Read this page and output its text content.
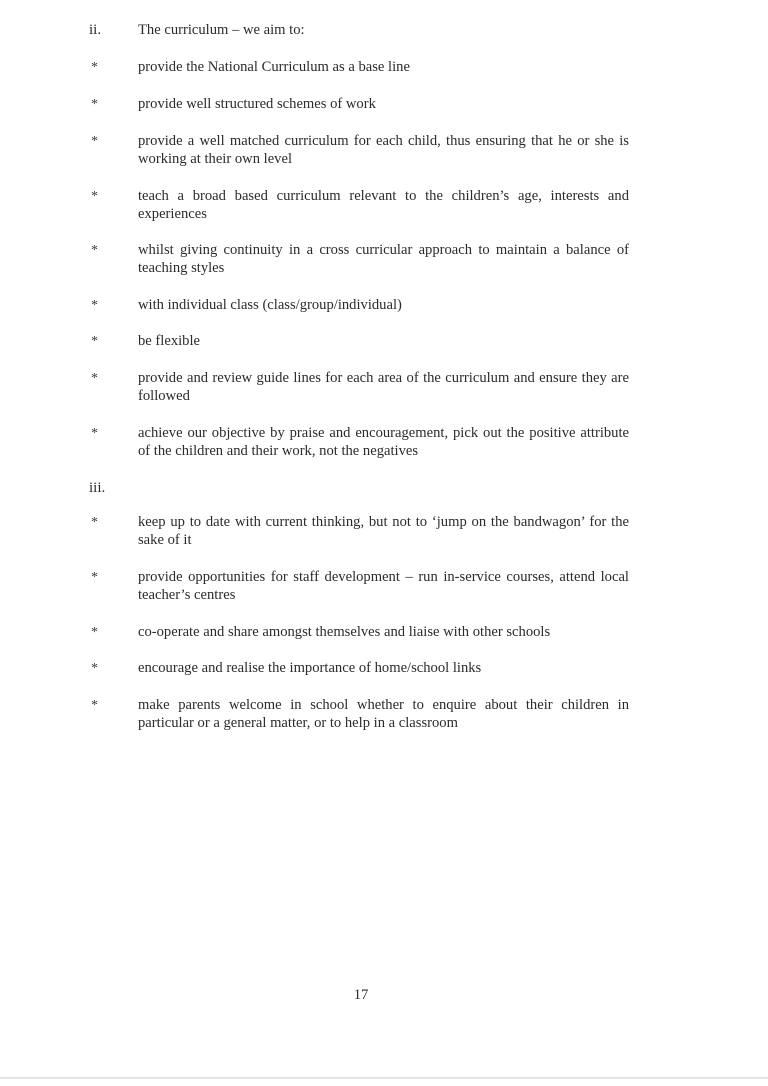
ii.	The curriculum – we aim to:
*	provide the National Curriculum as a base line
*	provide well structured schemes of work
*	provide a well matched curriculum for each child, thus ensuring that he or she is working at their own level
*	teach a broad based curriculum relevant to the children’s age, interests and experiences
*	whilst giving continuity in a cross curricular approach to maintain a balance of teaching styles
*	with individual class (class/group/individual)
*	be flexible
*	provide and review guide lines for each area of the curriculum and ensure they are followed
*	achieve our objective by praise and encouragement, pick out the positive attribute of the children and their work, not the negatives
iii.
*	keep up to date with current thinking, but not to ‘jump on the bandwagon’ for the sake of it
*	provide opportunities for staff development – run in-service courses, attend local teacher’s centres
*	co-operate and share amongst themselves and liaise with other schools
*	encourage and realise the importance of home/school links
*	make parents welcome in school whether to enquire about their children in particular or a general matter, or to help in a classroom
17
